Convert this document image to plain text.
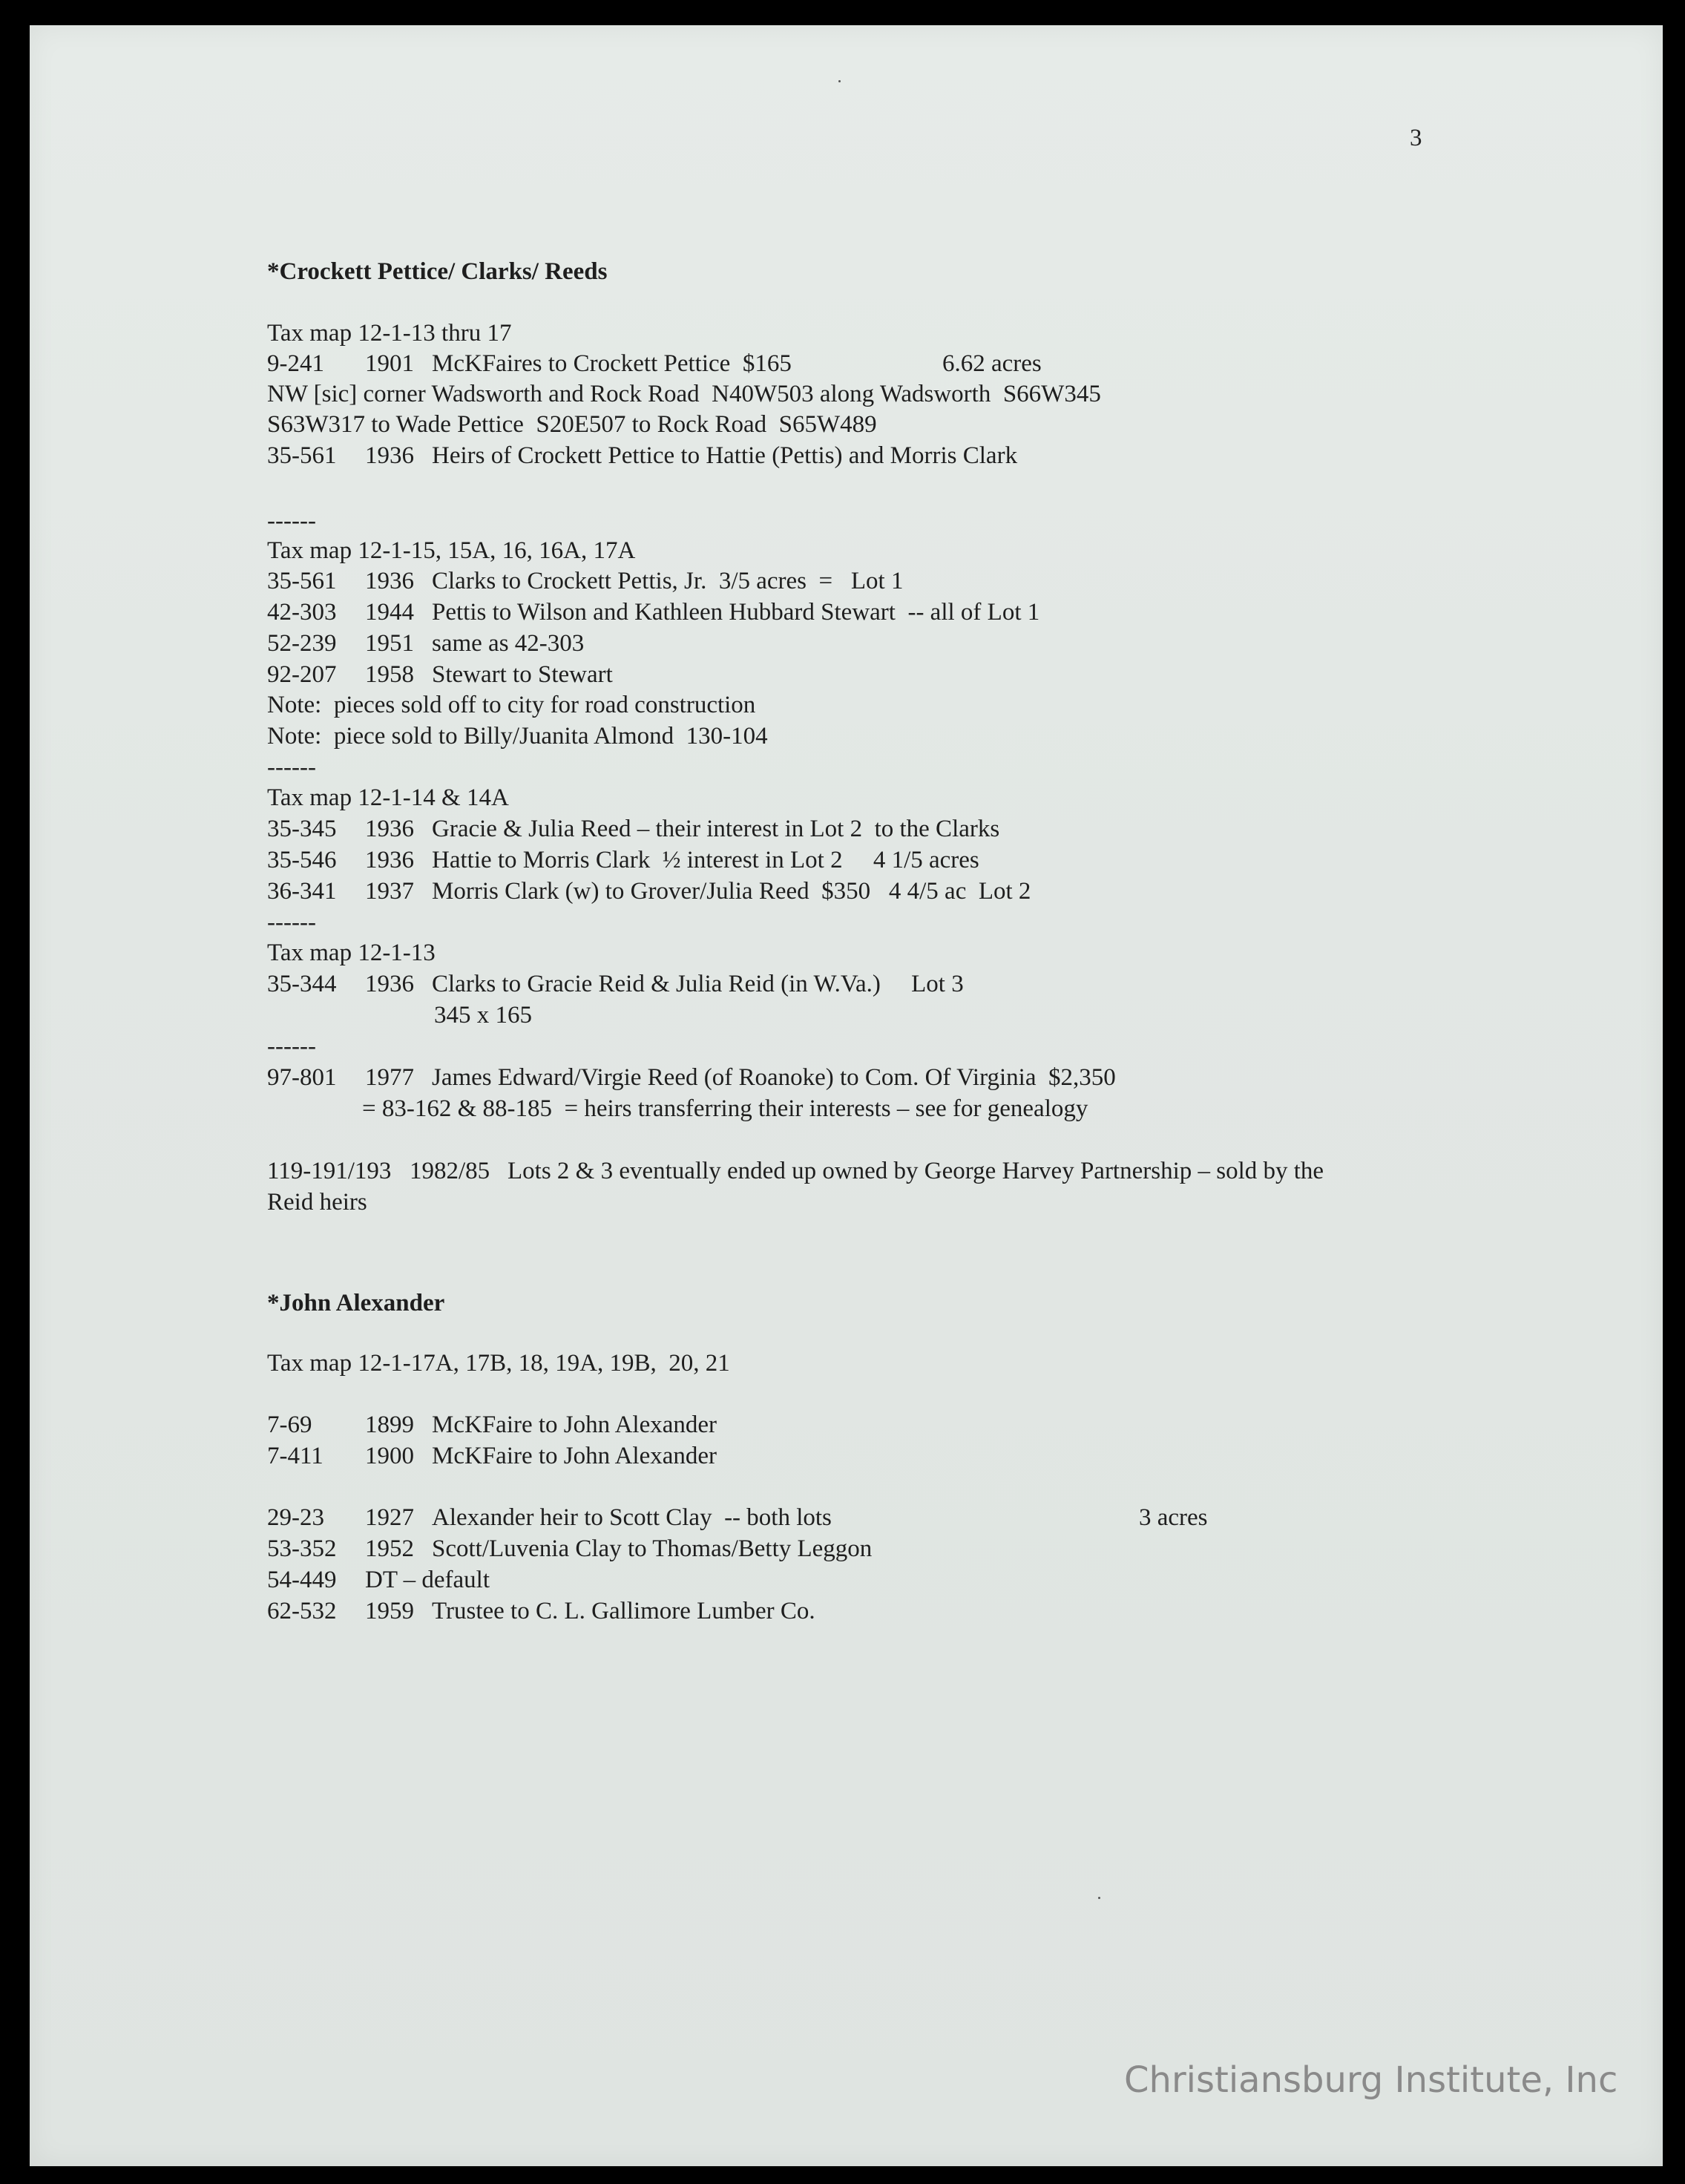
3
*Crockett Pettice/ Clarks/ Reeds
Tax map 12-1-13 thru 17
9-241 1901 McKFaires to Crockett Pettice  $165	6.62 acres
NW [sic] corner Wadsworth and Rock Road  N40W503 along Wadsworth  S66W345
S63W317 to Wade Pettice  S20E507 to Rock Road  S65W489
35-561 1936 Heirs of Crockett Pettice to Hattie (Pettis) and Morris Clark
------
Tax map 12-1-15, 15A, 16, 16A, 17A
35-561 1936 Clarks to Crockett Pettis, Jr.  3/5 acres  =   Lot 1
42-303 1944 Pettis to Wilson and Kathleen Hubbard Stewart  -- all of Lot 1
52-239 1951 same as 42-303
92-207 1958 Stewart to Stewart
Note:  pieces sold off to city for road construction
Note:  piece sold to Billy/Juanita Almond  130-104
------
Tax map 12-1-14 & 14A
35-345 1936 Gracie & Julia Reed – their interest in Lot 2  to the Clarks
35-546 1936 Hattie to Morris Clark  ½ interest in Lot 2     4 1/5 acres
36-341 1937 Morris Clark (w) to Grover/Julia Reed  $350   4 4/5 ac  Lot 2
------
Tax map 12-1-13
35-344 1936 Clarks to Gracie Reid & Julia Reid (in W.Va.)     Lot 3
345 x 165
------
97-801 1977 James Edward/Virgie Reed (of Roanoke) to Com. Of Virginia  $2,350
= 83-162 & 88-185  = heirs transferring their interests – see for genealogy
119-191/193 1982/85 Lots 2 & 3 eventually ended up owned by George Harvey Partnership – sold by the
Reid heirs
*John Alexander
Tax map 12-1-17A, 17B, 18, 19A, 19B,  20, 21
7-69 1899 McKFaire to John Alexander
7-411 1900 McKFaire to John Alexander
29-23 1927 Alexander heir to Scott Clay  -- both lots	3 acres
53-352 1952 Scott/Luvenia Clay to Thomas/Betty Leggon
54-449 DT – default
62-532 1959 Trustee to C. L. Gallimore Lumber Co.
Christiansburg Institute, Inc
